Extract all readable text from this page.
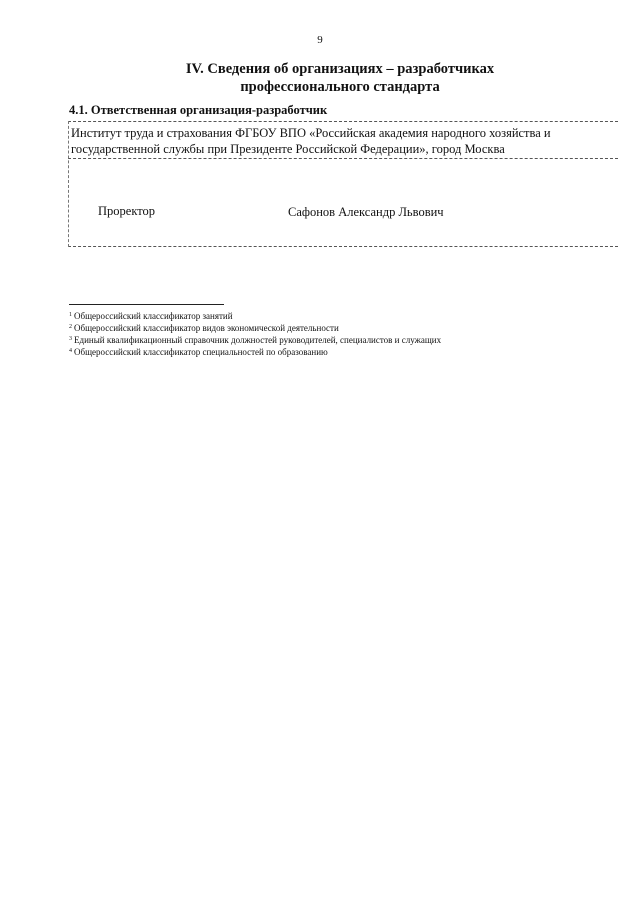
9
IV. Сведения об организациях – разработчиках
профессионального стандарта
4.1. Ответственная организация-разработчик
Институт труда и страхования ФГБОУ ВПО «Российская академия народного хозяйства и
государственной службы при Президенте Российской Федерации», город Москва
Проректор	Сафонов Александр Львович
$^1$ Общероссийский классификатор занятий
$^2$ Общероссийский классификатор видов экономической деятельности
$^3$ Единый квалификационный справочник должностей руководителей, специалистов и служащих
$^4$ Общероссийский классификатор специальностей по образованию
